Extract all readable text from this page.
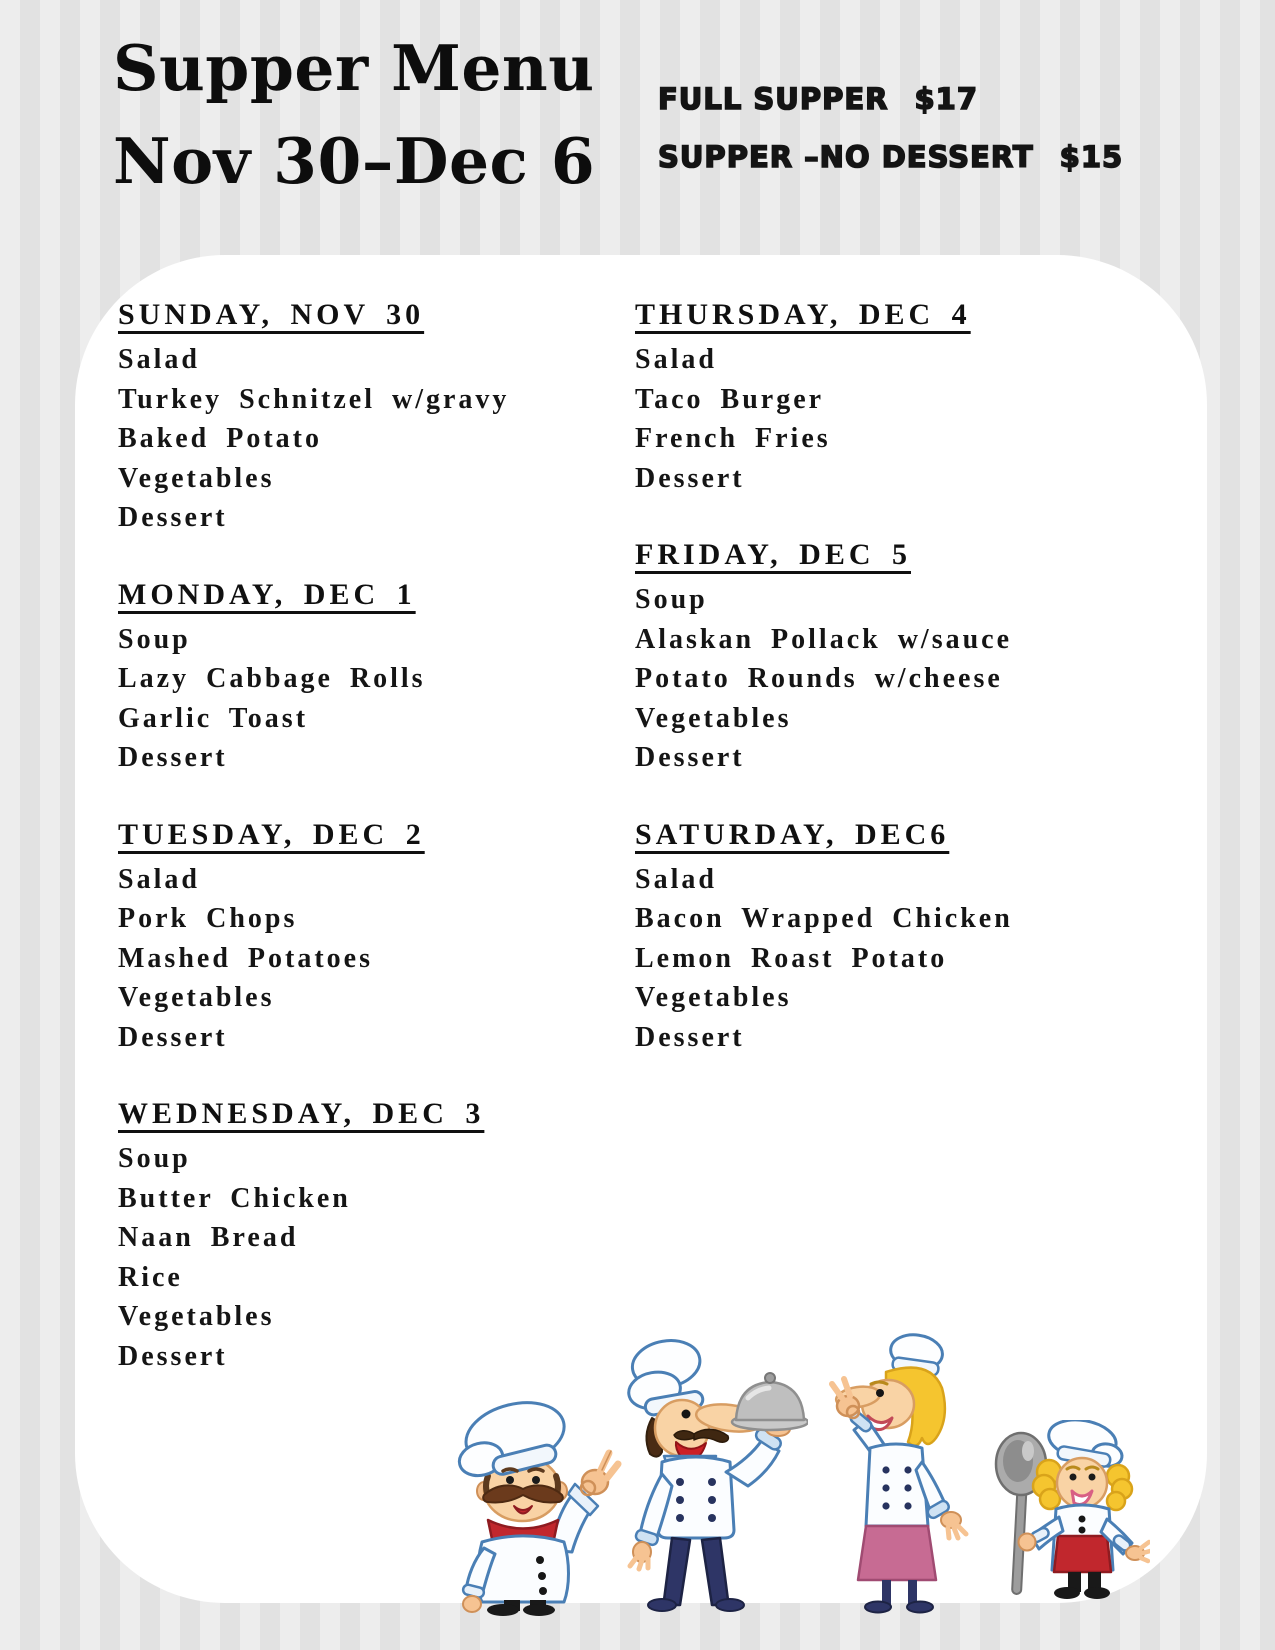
Supper Menu
Nov 30–Dec 6
FULL SUPPER $17
SUPPER –NO DESSERT $15
SUNDAY, NOV 30
Salad
Turkey Schnitzel w/gravy
Baked Potato
Vegetables
Dessert
MONDAY, DEC 1
Soup
Lazy Cabbage Rolls
Garlic Toast
Dessert
TUESDAY, DEC 2
Salad
Pork Chops
Mashed Potatoes
Vegetables
Dessert
WEDNESDAY, DEC 3
Soup
Butter Chicken
Naan Bread
Rice
Vegetables
Dessert
THURSDAY, DEC 4
Salad
Taco Burger
French Fries
Dessert
FRIDAY, DEC 5
Soup
Alaskan Pollack w/sauce
Potato Rounds w/cheese
Vegetables
Dessert
SATURDAY, DEC6
Salad
Bacon Wrapped Chicken
Lemon Roast Potato
Vegetables
Dessert
